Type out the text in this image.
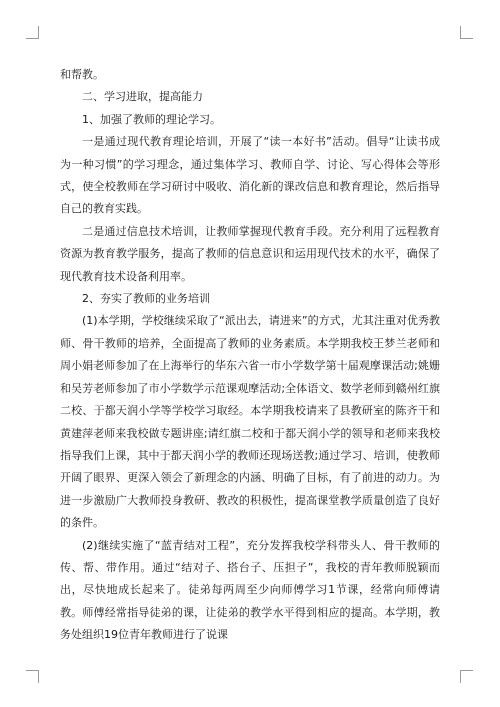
和帮教。

二、学习进取，提高能力

1、加强了教师的理论学习。

一是通过现代教育理论培训，开展了“读一本好书”活动。倡导“让读书成为一种习惯”的学习理念，通过集体学习、教师自学、讨论、写心得体会等形式，使全校教师在学习研讨中吸收、消化新的课改信息和教育理论，然后指导自己的教育实践。

二是通过信息技术培训，让教师掌握现代教育手段。充分利用了远程教育资源为教育教学服务，提高了教师的信息意识和运用现代技术的水平，确保了现代教育技术设备利用率。

2、夯实了教师的业务培训

(1)本学期，学校继续采取了“派出去，请进来”的方式，尤其注重对优秀教师、骨干教师的培养，全面提高了教师的业务素质。本学期我校王梦兰老师和周小娟老师参加了在上海举行的华东六省一市小学数学第十届观摩课活动;姚姗和吴芳老师参加了市小学数学示范课观摩活动;全体语文、数学老师到赣州红旗二校、于都天润小学等学校学习取经。本学期我校请来了县教研室的陈齐干和黄建萍老师来我校做专题讲座;请红旗二校和于都天润小学的领导和老师来我校指导我们上课，其中于都天润小学的教师还现场送教;通过学习、培训，使教师开阔了眼界、更深入领会了新理念的内涵、明确了目标，有了前进的动力。为进一步激励广大教师投身教研、教改的积极性，提高课堂教学质量创造了良好的条件。

(2)继续实施了“蓝青结对工程”，充分发挥我校学科带头人、骨干教师的传、帮、带作用。通过“结对子、搭台子、压担子”，我校的青年教师脱颖而出，尽快地成长起来了。徒弟每两周至少向师傅学习1节课，经常向师傅请教。师傅经常指导徒弟的课，让徒弟的教学水平得到相应的提高。本学期，教务处组织19位青年教师进行了说课
